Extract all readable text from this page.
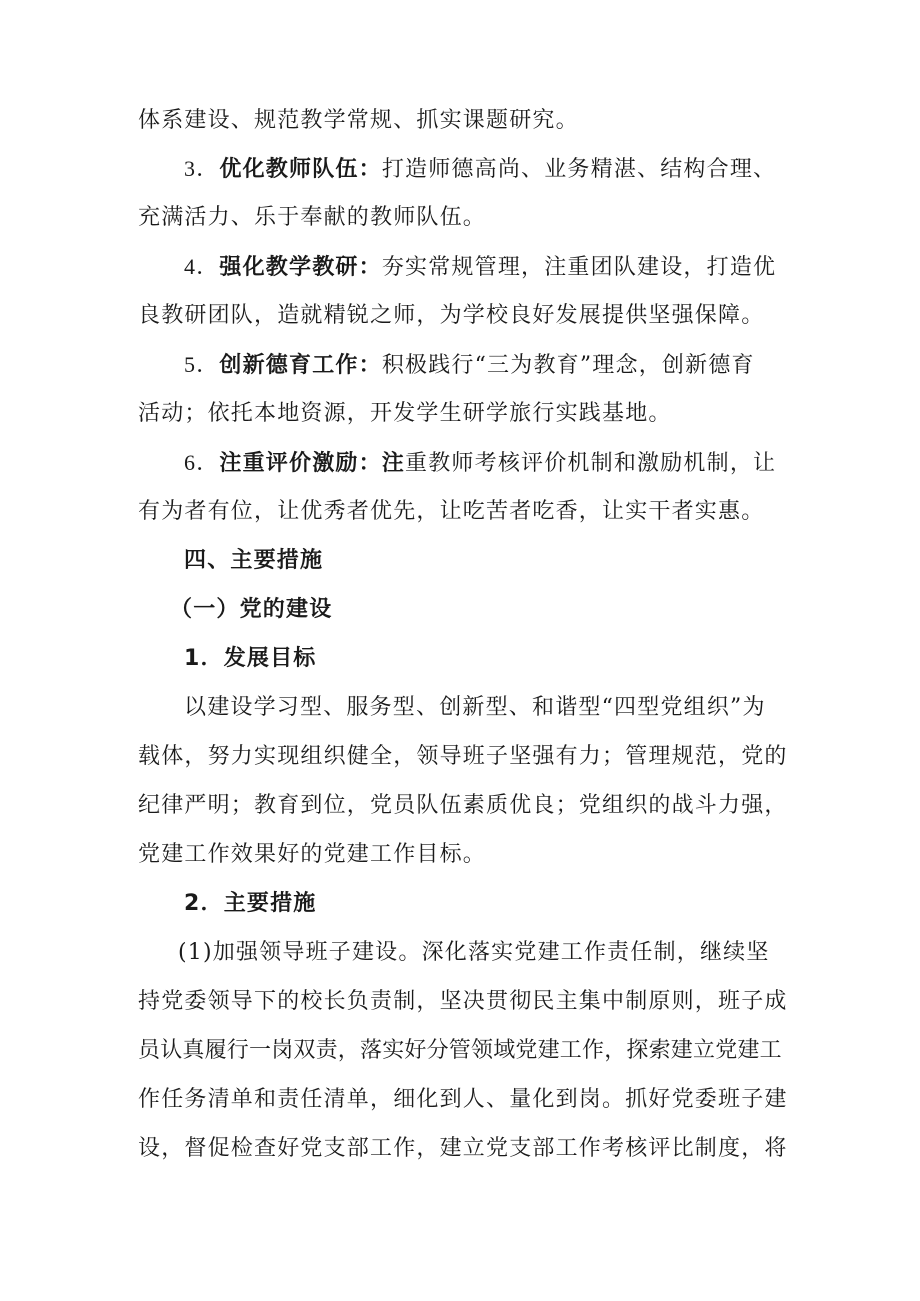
体系建设、规范教学常规、抓实课题研究。
3．优化教师队伍：打造师德高尚、业务精湛、结构合理、
充满活力、乐于奉献的教师队伍。
4．强化教学教研：夯实常规管理，注重团队建设，打造优
良教研团队，造就精锐之师，为学校良好发展提供坚强保障。
5．创新德育工作：积极践行“三为教育”理念，创新德育
活动；依托本地资源，开发学生研学旅行实践基地。
6．注重评价激励：注重教师考核评价机制和激励机制，让
有为者有位，让优秀者优先，让吃苦者吃香，让实干者实惠。
四、主要措施
（一）党的建设
1．发展目标
以建设学习型、服务型、创新型、和谐型“四型党组织”为
载体，努力实现组织健全，领导班子坚强有力；管理规范，党的
纪律严明；教育到位，党员队伍素质优良；党组织的战斗力强，
党建工作效果好的党建工作目标。
2．主要措施
(1)加强领导班子建设。深化落实党建工作责任制，继续坚
持党委领导下的校长负责制，坚决贯彻民主集中制原则，班子成
员认真履行一岗双责，落实好分管领域党建工作，探索建立党建工
作任务清单和责任清单，细化到人、量化到岗。抓好党委班子建
设，督促检查好党支部工作，建立党支部工作考核评比制度，将
